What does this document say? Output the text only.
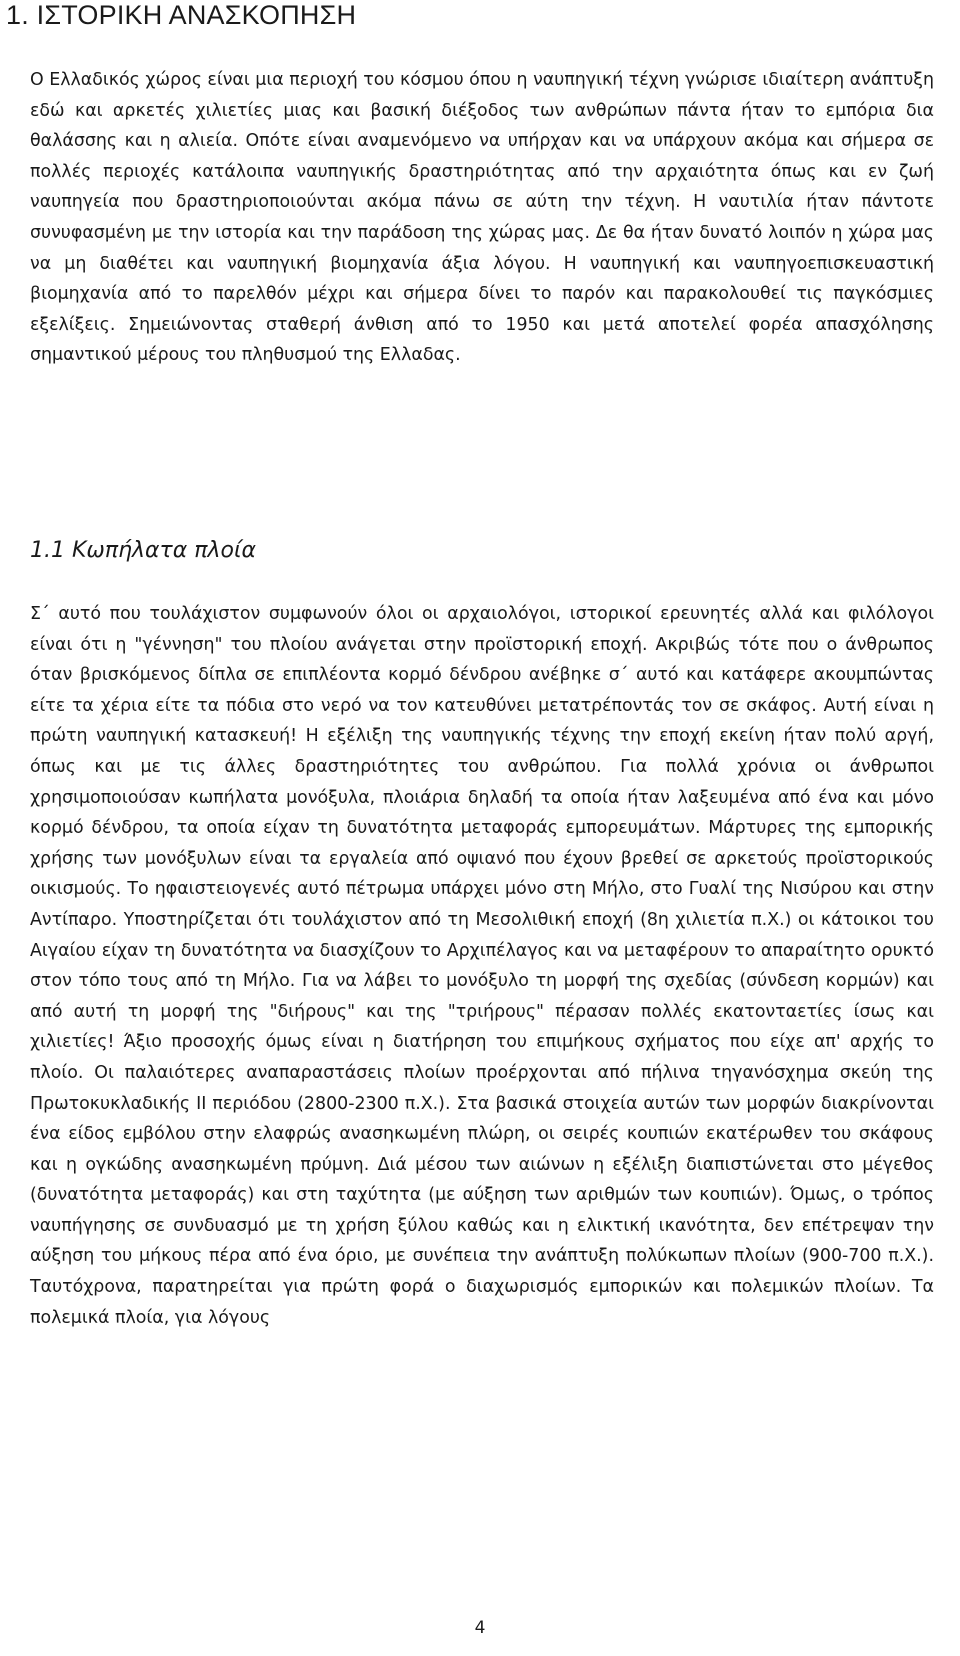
1. ΙΣΤΟΡΙΚΗ ΑΝΑΣΚΟΠΗΣΗ

Ο Ελλαδικός χώρος είναι μια περιοχή του κόσμου όπου η ναυπηγική τέχνη γνώρισε ιδιαίτερη ανάπτυξη εδώ και αρκετές χιλιετίες μιας και βασική διέξοδος των ανθρώπων πάντα ήταν το εμπόρια δια θαλάσσης και η αλιεία. Οπότε είναι αναμενόμενο να υπήρχαν και να υπάρχουν ακόμα και σήμερα σε πολλές περιοχές κατάλοιπα ναυπηγικής δραστηριότητας από την αρχαιότητα όπως και εν ζωή ναυπηγεία που δραστηριοποιούνται ακόμα πάνω σε αύτη την τέχνη. Η ναυτιλία ήταν πάντοτε συνυφασμένη με την ιστορία και την παράδοση της χώρας μας. Δε θα ήταν δυνατό λοιπόν η χώρα μας να μη διαθέτει και ναυπηγική βιομηχανία άξια λόγου. Η ναυπηγική και ναυπηγοεπισκευαστική βιομηχανία από το παρελθόν μέχρι και σήμερα δίνει το παρόν και παρακολουθεί τις παγκόσμιες εξελίξεις. Σημειώνοντας σταθερή άνθιση από το 1950 και μετά αποτελεί φορέα απασχόλησης σημαντικού μέρους του πληθυσμού της Ελλαδας.

1.1 Κωπήλατα πλοία

Σ΄ αυτό που τουλάχιστον συμφωνούν όλοι οι αρχαιολόγοι, ιστορικοί ερευνητές αλλά και φιλόλογοι είναι ότι η "γέννηση" του πλοίου ανάγεται στην προϊστορική εποχή. Ακριβώς τότε που ο άνθρωπος όταν βρισκόμενος δίπλα σε επιπλέοντα κορμό δένδρου ανέβηκε σ΄ αυτό και κατάφερε ακουμπώντας είτε τα χέρια είτε τα πόδια στο νερό να τον κατευθύνει μετατρέποντάς τον σε σκάφος. Αυτή είναι η πρώτη ναυπηγική κατασκευή! Η εξέλιξη της ναυπηγικής τέχνης την εποχή εκείνη ήταν πολύ αργή, όπως και με τις άλλες δραστηριότητες του ανθρώπου. Για πολλά χρόνια οι άνθρωποι χρησιμοποιούσαν κωπήλατα μονόξυλα, πλοιάρια δηλαδή τα οποία ήταν λαξευμένα από ένα και μόνο κορμό δένδρου, τα οποία είχαν τη δυνατότητα μεταφοράς εμπορευμάτων. Μάρτυρες της εμπορικής χρήσης των μονόξυλων είναι τα εργαλεία από οψιανό που έχουν βρεθεί σε αρκετούς προϊστορικούς οικισμούς. Το ηφαιστειογενές αυτό πέτρωμα υπάρχει μόνο στη Μήλο, στο Γυαλί της Νισύρου και στην Αντίπαρο. Υποστηρίζεται ότι τουλάχιστον από τη Μεσολιθική εποχή (8η χιλιετία π.Χ.) οι κάτοικοι του Αιγαίου είχαν τη δυνατότητα να διασχίζουν το Αρχιπέλαγος και να μεταφέρουν το απαραίτητο ορυκτό στον τόπο τους από τη Μήλο. Για να λάβει το μονόξυλο τη μορφή της σχεδίας (σύνδεση κορμών) και από αυτή τη μορφή της "διήρους" και της "τριήρους" πέρασαν πολλές εκατονταετίες ίσως και χιλιετίες! Άξιο προσοχής όμως είναι η διατήρηση του επιμήκους σχήματος που είχε απ' αρχής το πλοίο. Οι παλαιότερες αναπαραστάσεις πλοίων προέρχονται από πήλινα τηγανόσχημα σκεύη της Πρωτοκυκλαδικής ΙΙ περιόδου (2800-2300 π.Χ.). Στα βασικά στοιχεία αυτών των μορφών διακρίνονται ένα είδος εμβόλου στην ελαφρώς ανασηκωμένη πλώρη, οι σειρές κουπιών εκατέρωθεν του σκάφους και η ογκώδης ανασηκωμένη πρύμνη. Διά μέσου των αιώνων η εξέλιξη διαπιστώνεται στο μέγεθος (δυνατότητα μεταφοράς) και στη ταχύτητα (με αύξηση των αριθμών των κουπιών). Όμως, ο τρόπος ναυπήγησης σε συνδυασμό με τη χρήση ξύλου καθώς και η ελικτική ικανότητα, δεν επέτρεψαν την αύξηση του μήκους πέρα από ένα όριο, με συνέπεια την ανάπτυξη πολύκωπων πλοίων (900-700 π.Χ.). Ταυτόχρονα, παρατηρείται για πρώτη φορά ο διαχωρισμός εμπορικών και πολεμικών πλοίων. Τα πολεμικά πλοία, για λόγους

4
